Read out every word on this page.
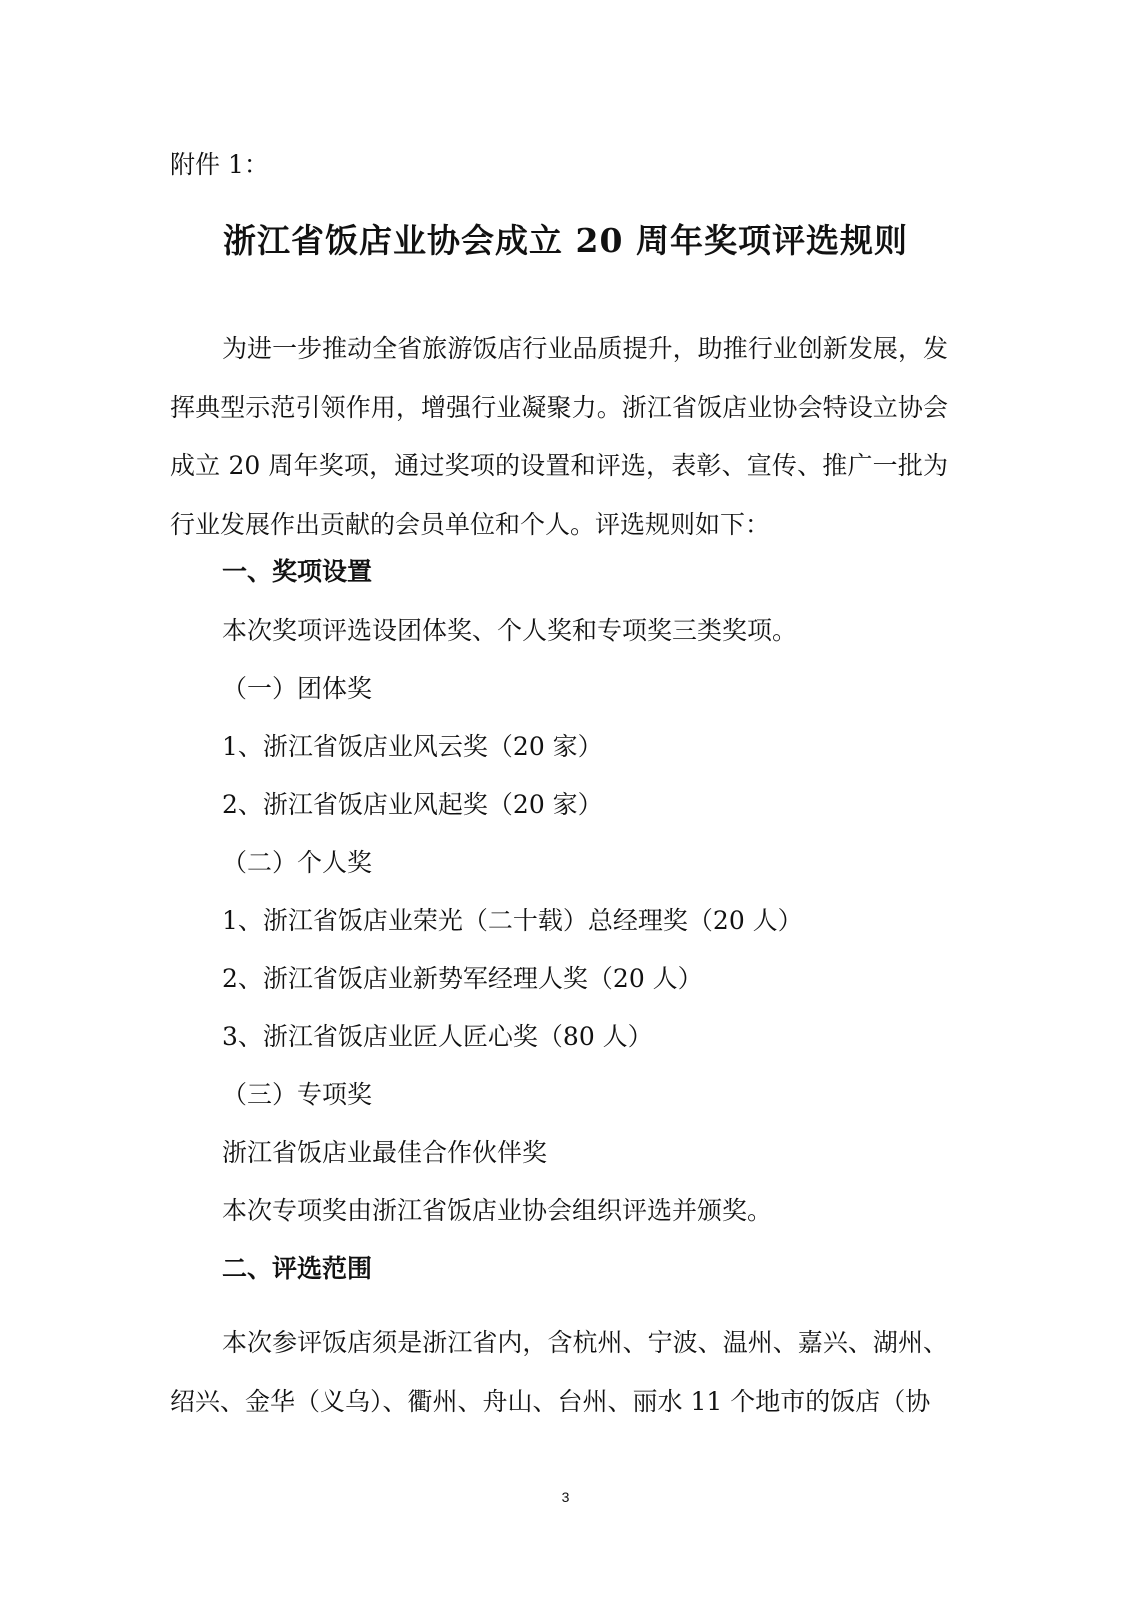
附件 1：
浙江省饭店业协会成立 20 周年奖项评选规则

为进一步推动全省旅游饭店行业品质提升，助推行业创新发展，发挥典型示范引领作用，增强行业凝聚力。浙江省饭店业协会特设立协会成立 20 周年奖项，通过奖项的设置和评选，表彰、宣传、推广一批为行业发展作出贡献的会员单位和个人。评选规则如下：

一、奖项设置

本次奖项评选设团体奖、个人奖和专项奖三类奖项。

（一）团体奖

1、浙江省饭店业风云奖（20 家）

2、浙江省饭店业风起奖（20 家）

（二）个人奖

1、浙江省饭店业荣光（二十载）总经理奖（20 人）

2、浙江省饭店业新势军经理人奖（20 人）

3、浙江省饭店业匠人匠心奖（80 人）

（三）专项奖

浙江省饭店业最佳合作伙伴奖

本次专项奖由浙江省饭店业协会组织评选并颁奖。

二、评选范围

本次参评饭店须是浙江省内，含杭州、宁波、温州、嘉兴、湖州、绍兴、金华（义乌）、衢州、舟山、台州、丽水 11 个地市的饭店（协

3
